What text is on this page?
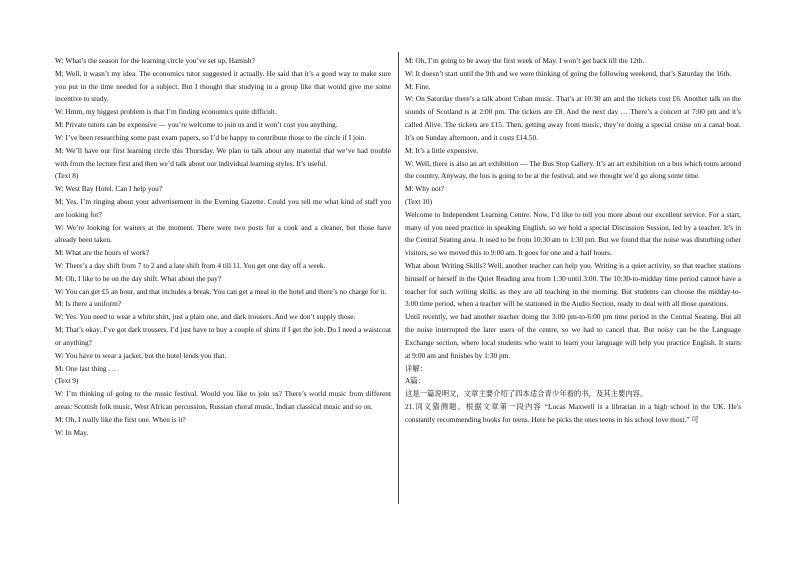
W: What’s the season for the learning circle you’ve set up, Hamish?

M: Well, it wasn’t my idea. The economics tutor suggested it actually. He said that it’s a good way to make sure you put in the time needed for a subject. But I thought that studying in a group like that would give me some incentive to study.

W: Hmm, my biggest problem is that I’m finding economics quite difficult.

M: Private tutors can be expensive — you’re welcome to join us and it won’t cost you anything.

W: I’ve been researching some past exam papers, so I’d be happy to contribute those to the circle if I join.

M: We’ll have our first learning circle this Thursday. We plan to talk about any material that we’ve had trouble with from the lecture first and then we’d talk about our individual learning styles. It’s useful.

(Text 8)

W: West Bay Hotel. Can I help you?

M: Yes, I’m ringing about your advertisement in the Evening Gazette. Could you tell me what kind of staff you are looking for?

W: We’re looking for waiters at the moment. There were two posts for a cook and a cleaner, but those have already been taken.

M: What are the hours of work?

W: There’s a day shift from 7 to 2 and a late shift from 4 till 11. You get one day off a week.

M: Oh, I like to be on the day shift. What about the pay?

W: You can get £5 an hour, and that includes a break. You can get a meal in the hotel and there’s no charge for it.

M: Is there a uniform?

W: Yes. You need to wear a white shirt, just a plain one, and dark trousers. And we don’t supply those.

M: That’s okay. I’ve got dark trousers. I’d just have to buy a couple of shirts if I get the job. Do I need a waistcoat or anything?

W: You have to wear a jacket, but the hotel lends you that.

M: One last thing …

(Text 9)

W: I’m thinking of going to the music festival. Would you like to join us? There’s world music from different areas: Scottish folk music, West African percussion, Russian choral music, Indian classical music and so on.

M: Oh, I really like the first one. When is it?

W: In May.

M: Oh, I’m going to be away the first week of May. I won’t get back till the 12th.

W: It doesn’t start until the 9th and we were thinking of going the following weekend, that’s Saturday the 16th.

M: Fine.

W: On Saturday there’s a talk about Cuban music. That’s at 10:30 am and the tickets cost £6. Another talk on the sounds of Scotland is at 2:00 pm. The tickets are £8. And the next day … There’s a concert at 7:00 pm and it’s called Alive. The tickets are £15. Then, getting away from music, they’re doing a special cruise on a canal boat. It’s on Sunday afternoon, and it costs £14.50.

M: It’s a little expensive.

W: Well, there is also an art exhibition — The Bus Stop Gallery. It’s an art exhibition on a bus which tours around the country. Anyway, the bus is going to be at the festival, and we thought we’d go along some time.

M: Why not?

(Text 10)

Welcome to Independent Learning Centre. Now, I’d like to tell you more about our excellent service. For a start, many of you need practice in speaking English, so we hold a special Discussion Session, led by a teacher. It’s in the Central Seating area. It used to be from 10:30 am to 1:30 pm. But we found that the noise was disturbing other visitors, so we moved this to 9:00 am. It goes for one and a half hours.

What about Writing Skills? Well, another teacher can help you. Writing is a quiet activity, so that teacher stations himself or herself in the Quiet Reading area from 1:30 until 3:00. The 10:30-to-midday time period cannot have a teacher for such writing skills, as they are all teaching in the morning. But students can choose the midday-to-3:00 time period, when a teacher will be stationed in the Audio Section, ready to deal with all those questions.

Until recently, we had another teacher doing the 3:00 pm-to-6:00 pm time period in the Central Seating. But all the noise interrupted the later users of the centre, so we had to cancel that. But noisy can be the Language Exchange section, where local students who want to learn your language will help you practice English. It starts at 9:00 am and finishes by 1:30 pm.

详解：

A篇：

这是一篇说明文，文章主要介绍了四本适合青少年看的书，及其主要内容。

21.词义猜测题。根据文章第一段内容 “Lucas Maxwell is a librarian in a high school in the UK. He's constantly recommending books for teens. Here he picks the ones teens in his school love most.” 可
